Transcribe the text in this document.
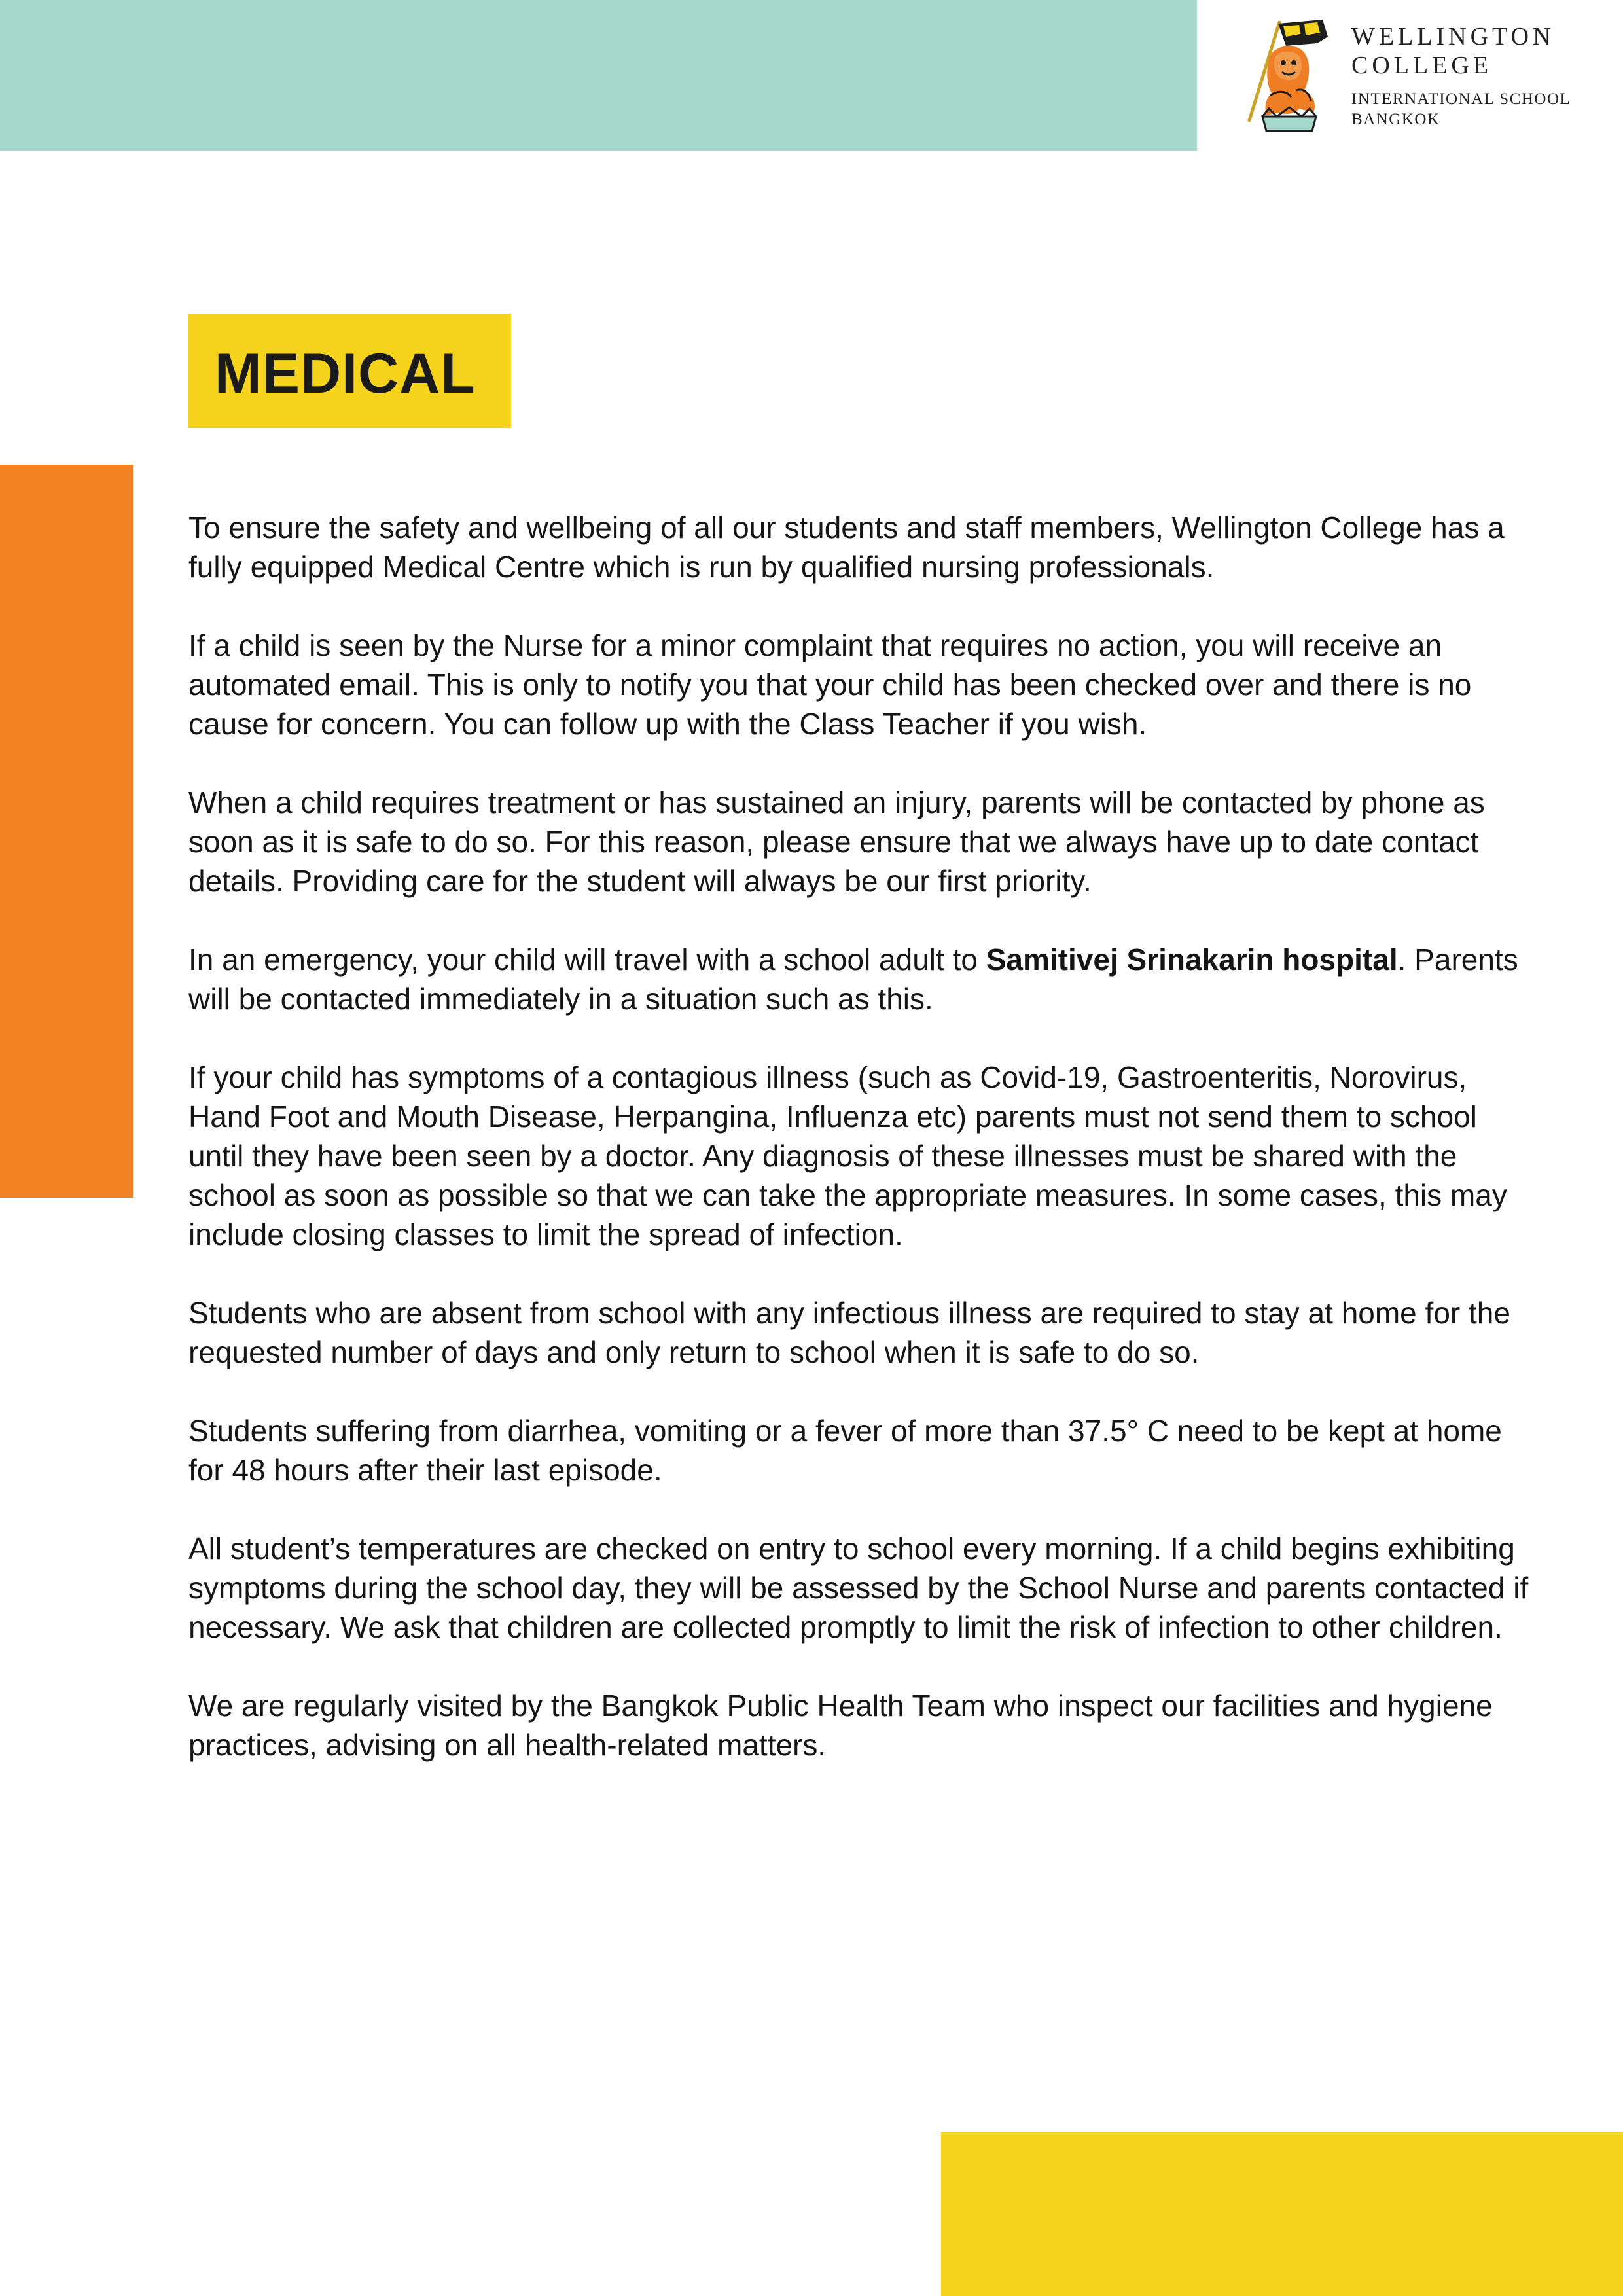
WELLINGTON

COLLEGE

INTERNATIONAL SCHOOL

BANGKOK

MEDICAL

To ensure the safety and wellbeing of all our students and staff members, Wellington College has a fully equipped Medical Centre which is run by qualified nursing professionals.

If a child is seen by the Nurse for a minor complaint that requires no action, you will receive an automated email. This is only to notify you that your child has been checked over and there is no cause for concern. You can follow up with the Class Teacher if you wish.

When a child requires treatment or has sustained an injury, parents will be contacted by phone as soon as it is safe to do so. For this reason, please ensure that we always have up to date contact details. Providing care for the student will always be our first priority.

In an emergency, your child will travel with a school adult to Samitivej Srinakarin hospital. Parents will be contacted immediately in a situation such as this.

If your child has symptoms of a contagious illness (such as Covid-19, Gastroenteritis, Norovirus, Hand Foot and Mouth Disease, Herpangina, Influenza etc) parents must not send them to school until they have been seen by a doctor. Any diagnosis of these illnesses must be shared with the school as soon as possible so that we can take the appropriate measures. In some cases, this may include closing classes to limit the spread of infection.

Students who are absent from school with any infectious illness are required to stay at home for the requested number of days and only return to school when it is safe to do so.

Students suffering from diarrhea, vomiting or a fever of more than 37.5° C need to be kept at home for 48 hours after their last episode.

All student’s temperatures are checked on entry to school every morning. If a child begins exhibiting symptoms during the school day, they will be assessed by the School Nurse and parents contacted if necessary. We ask that children are collected promptly to limit the risk of infection to other children.

We are regularly visited by the Bangkok Public Health Team who inspect our facilities and hygiene practices, advising on all health-related matters.
